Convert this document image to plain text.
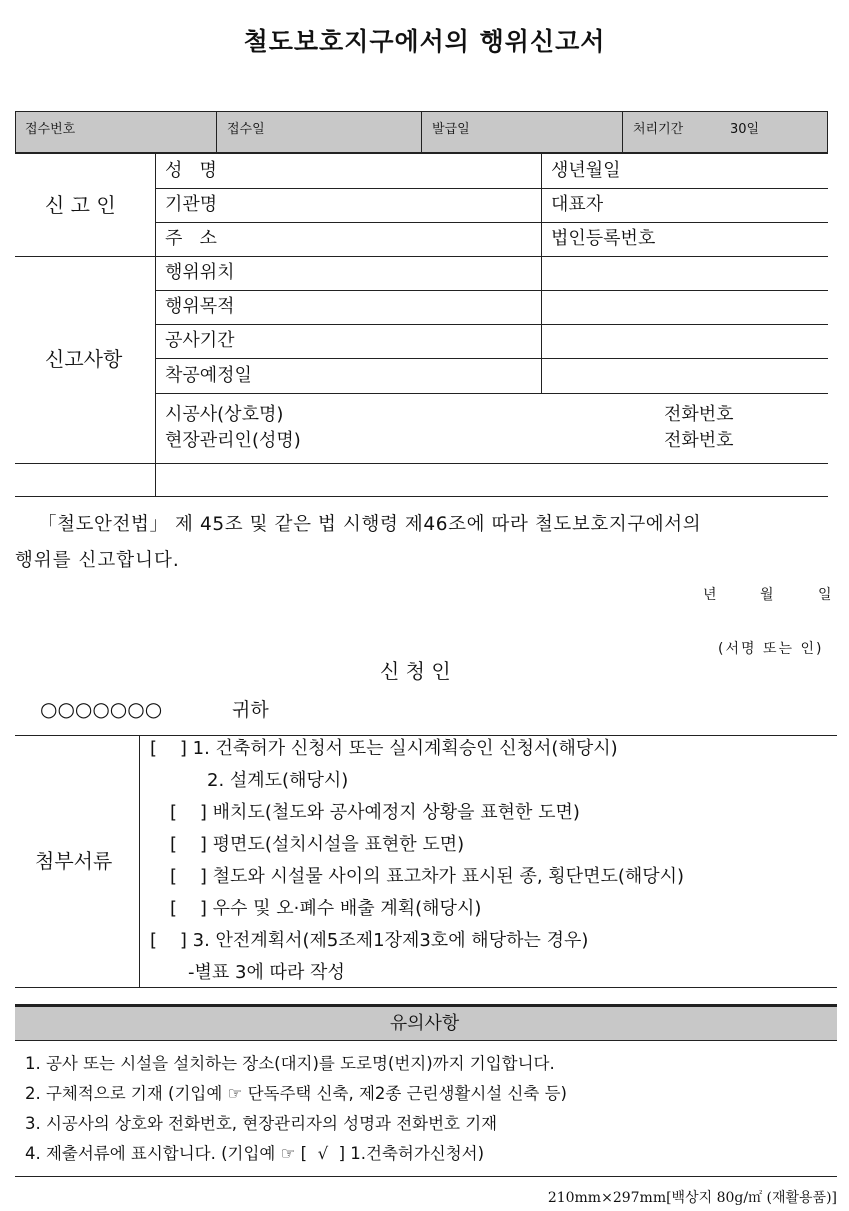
철도보호지구에서의 행위신고서
접수번호	접수일	발급일	처리기간	30일
신 고 인
성   명	생년월일
기관명	대표자
주   소	법인등록번호
신고사항
행위위치
행위목적
공사기간
착공예정일
시공사(상호명)	전화번호
현장관리인(성명)	전화번호
「철도안전법」 제 45조 및 같은 법 시행령 제46조에 따라 철도보호지구에서의
행위를 신고합니다.
년	월	일
(서명 또는 인)
신 청 인
○○○○○○○	귀하
첨부서류
[    ] 1. 건축허가 신청서 또는 실시계획승인 신청서(해당시)
2. 설계도(해당시)
[    ] 배치도(철도와 공사예정지 상황을 표현한 도면)
[    ] 평면도(설치시설을 표현한 도면)
[    ] 철도와 시설물 사이의 표고차가 표시된 종, 횡단면도(해당시)
[    ] 우수 및 오·폐수 배출 계획(해당시)
[    ] 3. 안전계획서(제5조제1장제3호에 해당하는 경우)
-별표 3에 따라 작성
유의사항
1. 공사 또는 시설을 설치하는 장소(대지)를 도로명(번지)까지 기입합니다.
2. 구체적으로 기재 (기입예 ☞ 단독주택 신축, 제2종 근린생활시설 신축 등)
3. 시공사의 상호와 전화번호, 현장관리자의 성명과 전화번호 기재
4. 제출서류에 표시합니다. (기입예 ☞ [  √  ] 1.건축허가신청서)
210mm×297mm[백상지 80g/㎡ (재활용품)]
